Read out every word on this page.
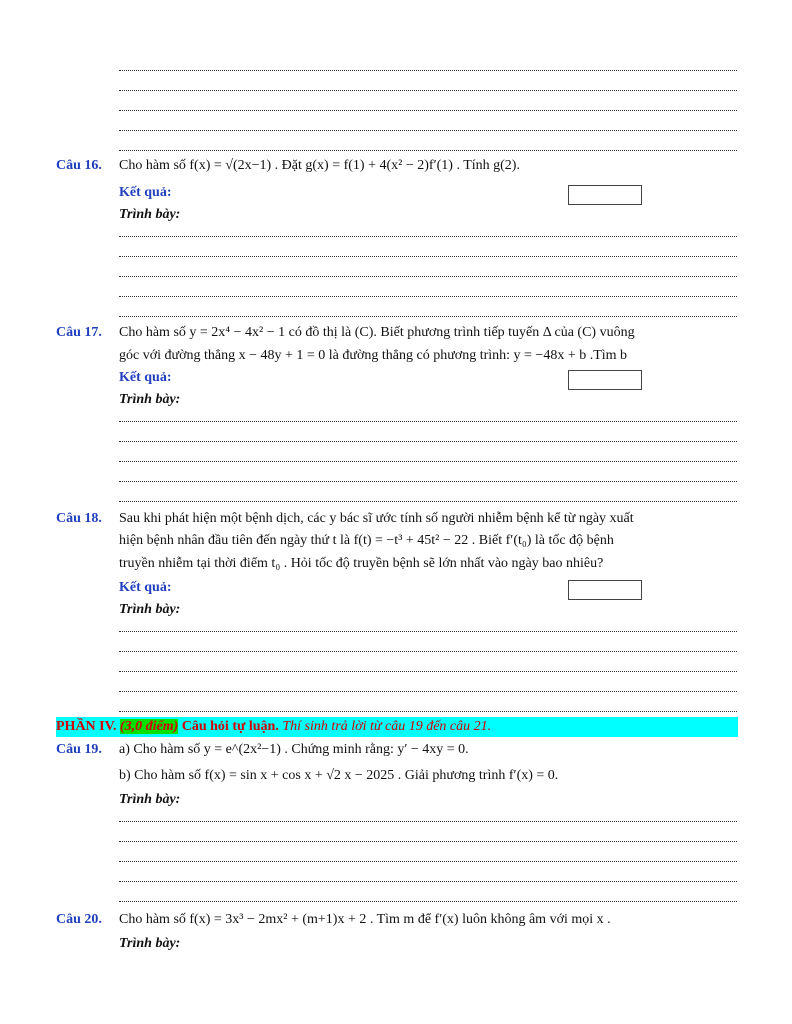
Câu 16. Cho hàm số f(x) = √(2x−1) . Đặt g(x) = f(1) + 4(x² − 2)f′(1) . Tính g(2).
Kết quả:
Trình bày:
Câu 17. Cho hàm số y = 2x⁴ − 4x² − 1 có đồ thị là (C). Biết phương trình tiếp tuyến Δ của (C) vuông
góc với đường thẳng x − 48y + 1 = 0 là đường thẳng có phương trình: y = −48x + b .Tìm b
Kết quả:
Trình bày:
Câu 18. Sau khi phát hiện một bệnh dịch, các y bác sĩ ước tính số người nhiễm bệnh kể từ ngày xuất
hiện bệnh nhân đầu tiên đến ngày thứ t là f(t) = −t³ + 45t² − 22 . Biết f′(t₀) là tốc độ bệnh
truyền nhiễm tại thời điểm t₀ . Hỏi tốc độ truyền bệnh sẽ lớn nhất vào ngày bao nhiêu?
Kết quả:
Trình bày:
PHẦN IV. (3,0 điểm) Câu hỏi tự luận. Thí sinh trả lời từ câu 19 đến câu 21.
Câu 19. a) Cho hàm số y = e^(2x²−1) . Chứng minh rằng: y′ − 4xy = 0.
b) Cho hàm số f(x) = sin x + cos x + √2 x − 2025 . Giải phương trình f′(x) = 0.
Trình bày:
Câu 20. Cho hàm số f(x) = 3x³ − 2mx² + (m+1)x + 2 . Tìm m để f′(x) luôn không âm với mọi x .
Trình bày:
